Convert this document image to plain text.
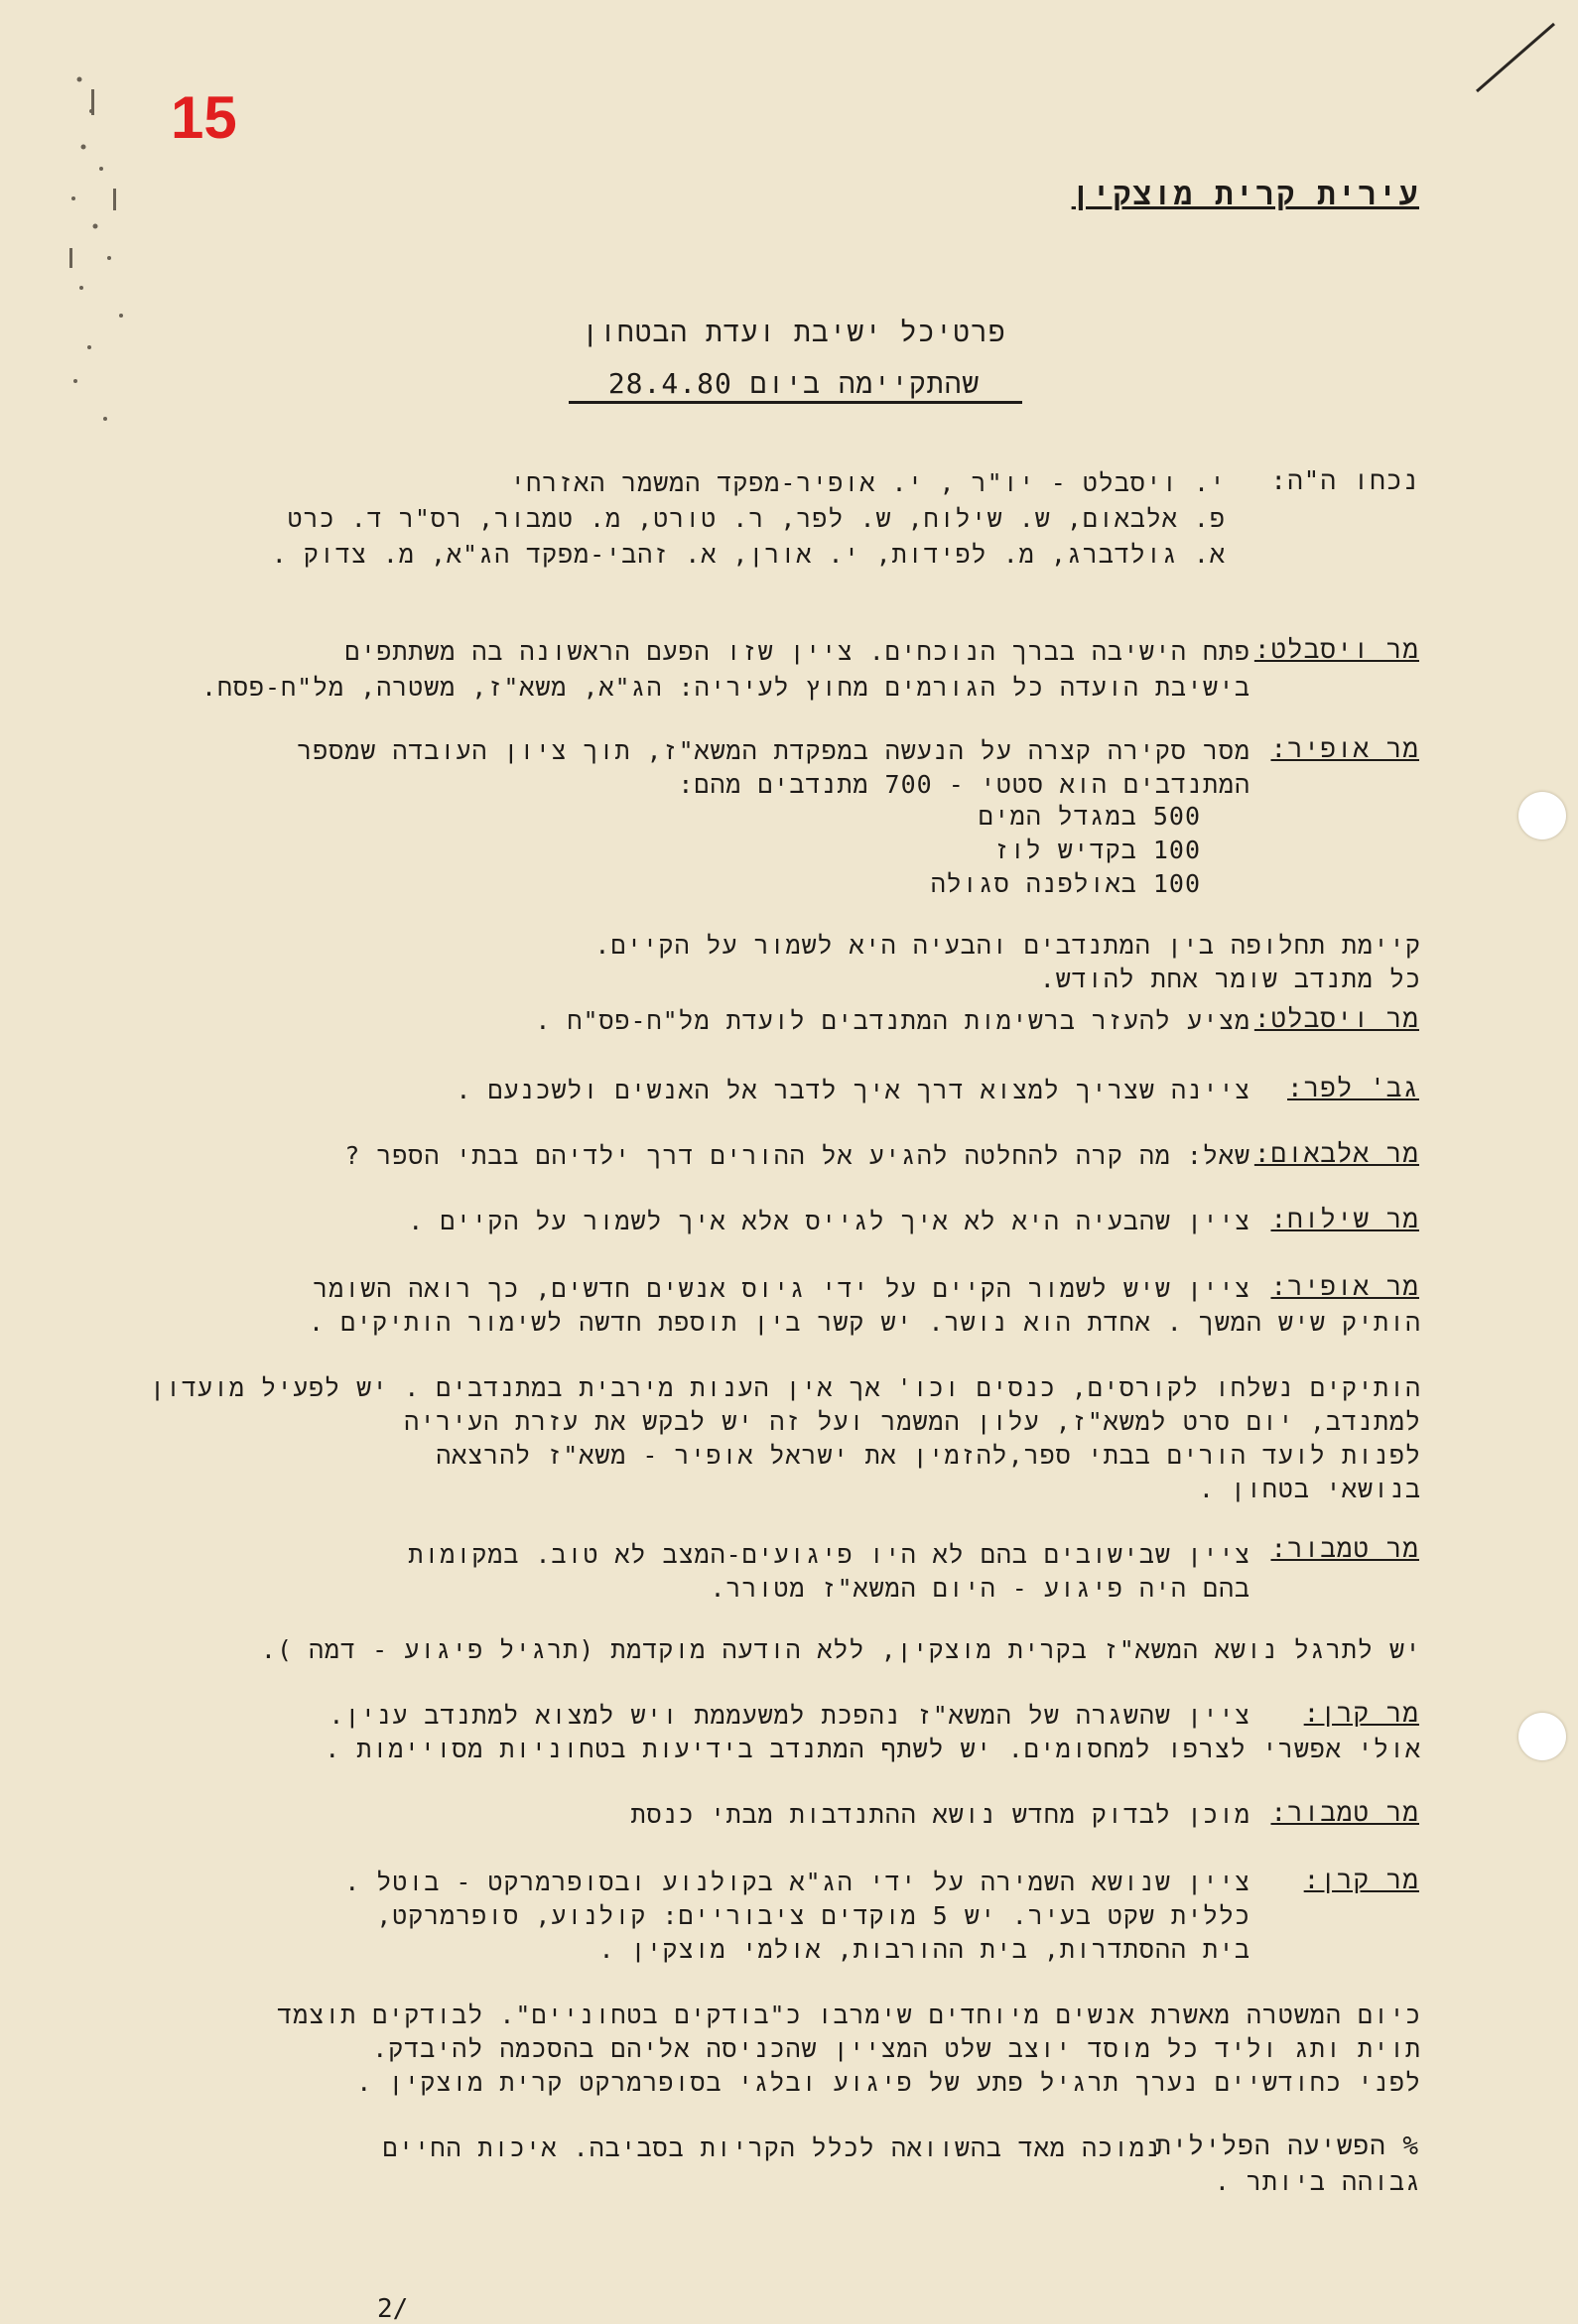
15
עירית קרית מוצקין
פרטיכל ישיבת ועדת הבטחון
שהתקיימה ביום 28.4.80
נכחו ה"ה:
י. ויסבלט - יו"ר , י. אופיר-מפקד המשמר האזרחי
פ. אלבאום, ש. שילוח, ש. לפר, ר. טורט, מ. טמבור, רס"ר ד. כרט
א. גולדברג, מ. לפידות, י. אורן, א. זהבי-מפקד הג"א, מ. צדוק .
מר ויסבלט:
פתח הישיבה בברך הנוכחים. ציין שזו הפעם הראשונה בה משתתפים
בישיבת הועדה כל הגורמים מחוץ לעיריה: הג"א, משא"ז, משטרה, מל"ח-פסח.
מר אופיר:
מסר סקירה קצרה על הנעשה במפקדת המשא"ז, תוך ציון העובדה שמספר
המתנדבים הוא סטטי - 700 מתנדבים מהם:
500 במגדל המים
100 בקדיש לוז
100 באולפנה סגולה
קיימת תחלופה בין המתנדבים והבעיה היא לשמור על הקיים.
כל מתנדב שומר אחת להודש.
מר ויסבלט:
מציע להעזר ברשימות המתנדבים לועדת מל"ח-פס"ח .
גב' לפר:
ציינה שצריך למצוא דרך איך לדבר אל האנשים ולשכנעם .
מר אלבאום:
שאל: מה קרה להחלטה להגיע אל ההורים דרך ילדיהם בבתי הספר ?
מר שילוח:
ציין שהבעיה היא לא איך לגייס אלא איך לשמור על הקיים .
מר אופיר:
ציין שיש לשמור הקיים על ידי גיוס אנשים חדשים, כך רואה השומר
הותיק שיש המשך . אחדת הוא נושר. יש קשר בין תוספת חדשה לשימור הותיקים .
הותיקים נשלחו לקורסים, כנסים וכו' אך אין הענות מירבית במתנדבים . יש לפעיל מועדון
למתנדב, יום סרט למשא"ז, עלון המשמר ועל זה יש לבקש את עזרת העיריה
לפנות לועד הורים בבתי ספר,להזמין את ישראל אופיר - משא"ז להרצאה
בנושאי בטחון .
מר טמבור:
ציין שבישובים בהם לא היו פיגועים-המצב לא טוב. במקומות
בהם היה פיגוע - היום המשא"ז מטורר.
יש לתרגל נושא המשא"ז בקרית מוצקין, ללא הודעה מוקדמת (תרגיל פיגוע - דמה ).
מר קרן:
ציין שהשגרה של המשא"ז נהפכת למשעממת ויש למצוא למתנדב ענין.
אולי אפשרי לצרפו למחסומים. יש לשתף המתנדב בידיעות בטחוניות מסויימות .
מר טמבור:
מוכן לבדוק מחדש נושא ההתנדבות מבתי כנסת
מר קרן:
ציין שנושא השמירה על ידי הג"א בקולנוע ובסופרמרקט - בוטל .
כללית שקט בעיר. יש 5 מוקדים ציבוריים: קולנוע, סופרמרקט,
בית ההסתדרות, בית ההורבות, אולמי מוצקין .
כיום המשטרה מאשרת אנשים מיוחדים שימרבו כ"בודקים בטחוניים". לבודקים תוצמד
תוית ותג וליד כל מוסד יוצב שלט המציין שהכניסה אליהם בהסכמה להיבדק.
לפני כחודשיים נערך תרגיל פתע של פיגוע ובלגי בסופרמרקט קרית מוצקין .
% הפשיעה הפלילית
נמוכה מאד בהשוואה לכלל הקריות בסביבה. איכות החיים
גבוהה ביותר .
2/
